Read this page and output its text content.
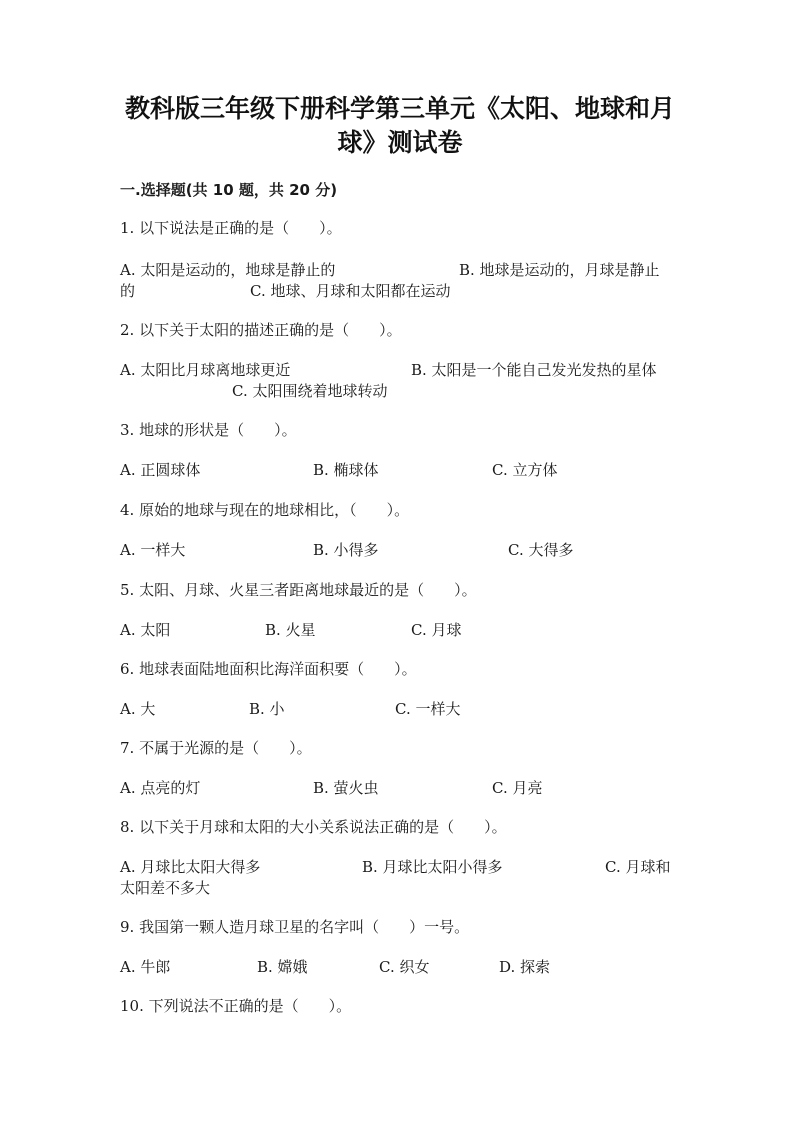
教科版三年级下册科学第三单元《太阳、地球和月
球》测试卷
一.选择题(共 10 题，共 20 分)
1. 以下说法是正确的是（　　）。
A. 太阳是运动的，地球是静止的	B. 地球是运动的，月球是静止
的	C. 地球、月球和太阳都在运动
2. 以下关于太阳的描述正确的是（　　）。
A. 太阳比月球离地球更近	B. 太阳是一个能自己发光发热的星体
C. 太阳围绕着地球转动
3. 地球的形状是（　　）。
A. 正圆球体	B. 椭球体	C. 立方体
4. 原始的地球与现在的地球相比，（　　）。
A. 一样大	B. 小得多	C. 大得多
5. 太阳、月球、火星三者距离地球最近的是（　　）。
A. 太阳	B. 火星	C. 月球
6. 地球表面陆地面积比海洋面积要（　　）。
A. 大	B. 小	C. 一样大
7. 不属于光源的是（　　）。
A. 点亮的灯	B. 萤火虫	C. 月亮
8. 以下关于月球和太阳的大小关系说法正确的是（　　）。
A. 月球比太阳大得多	B. 月球比太阳小得多	C. 月球和
太阳差不多大
9. 我国第一颗人造月球卫星的名字叫（　　）一号。
A. 牛郎	B. 嫦娥	C. 织女	D. 探索
10. 下列说法不正确的是（　　）。
